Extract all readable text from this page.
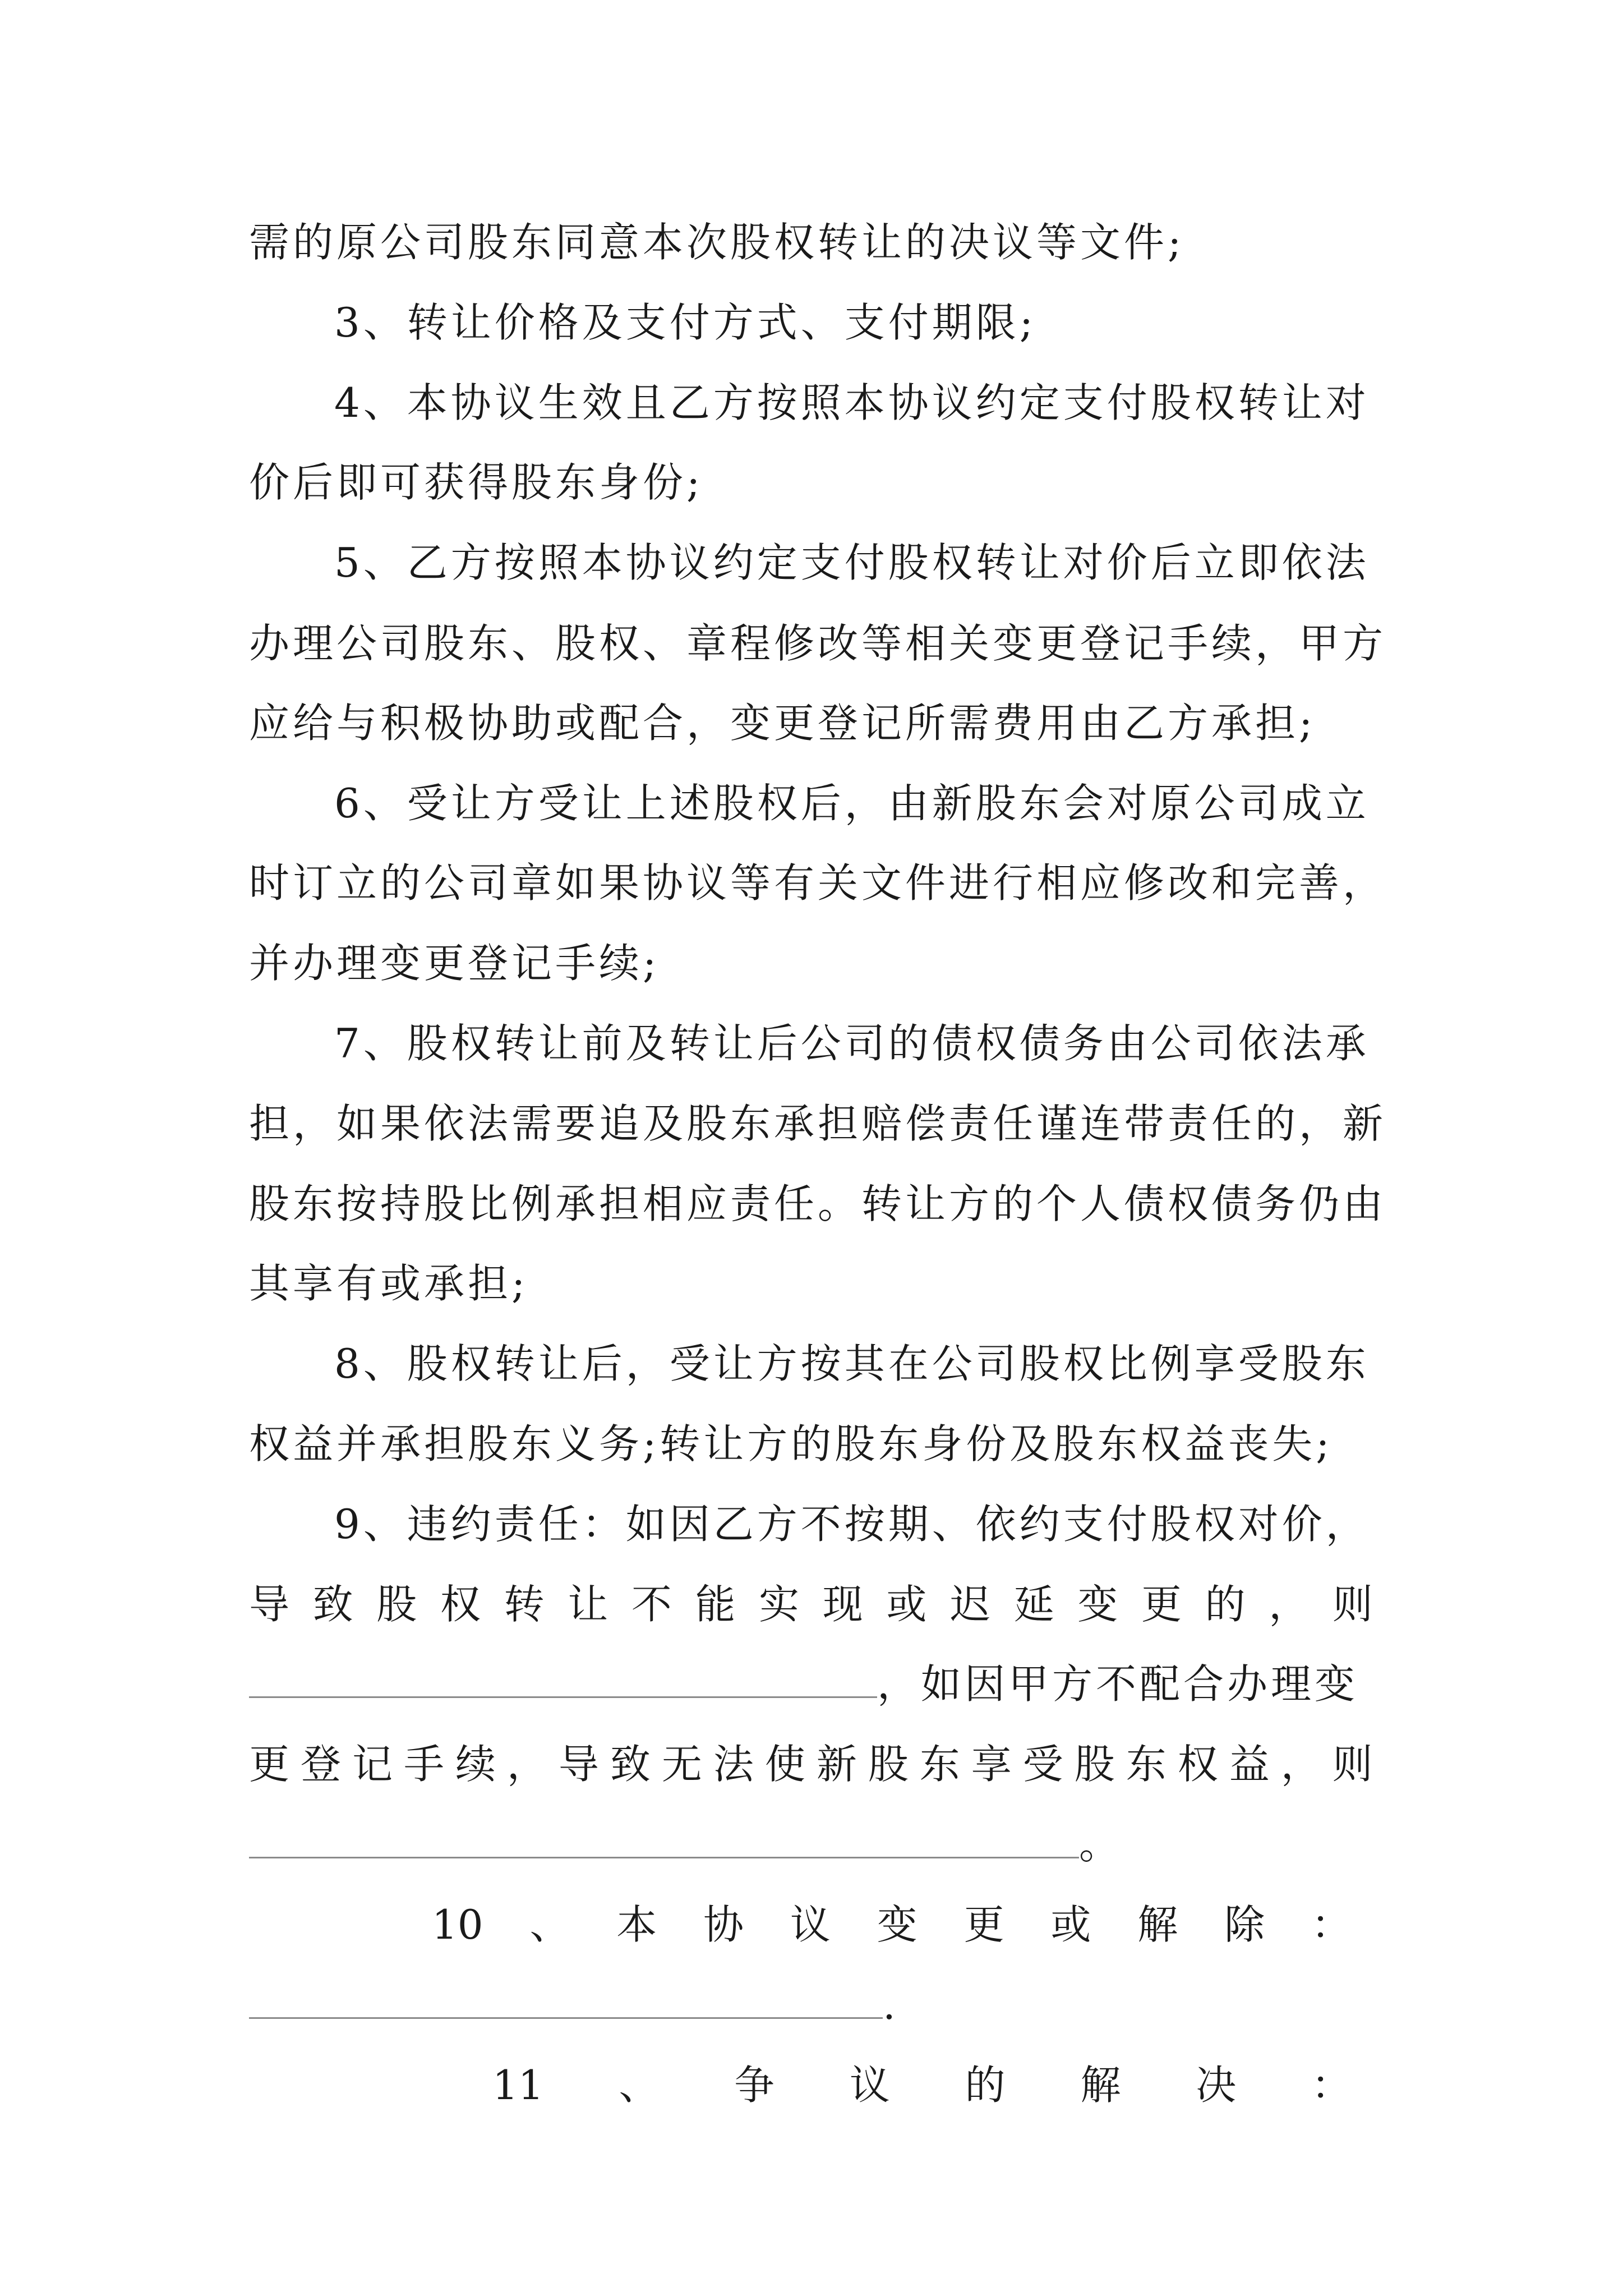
需的原公司股东同意本次股权转让的决议等文件;
3、转让价格及支付方式、支付期限;
4、本协议生效且乙方按照本协议约定支付股权转让对
价后即可获得股东身份;
5、乙方按照本协议约定支付股权转让对价后立即依法
办理公司股东、股权、章程修改等相关变更登记手续，甲方
应给与积极协助或配合，变更登记所需费用由乙方承担;
6、受让方受让上述股权后，由新股东会对原公司成立
时订立的公司章如果协议等有关文件进行相应修改和完善，
并办理变更登记手续;
7、股权转让前及转让后公司的债权债务由公司依法承
担，如果依法需要追及股东承担赔偿责任谨连带责任的，新
股东按持股比例承担相应责任。转让方的个人债权债务仍由
其享有或承担;
8、股权转让后，受让方按其在公司股权比例享受股东
权益并承担股东义务;转让方的股东身份及股东权益丧失;
9、违约责任：如因乙方不按期、依约支付股权对价，
导 致 股 权 转 让 不 能 实 现 或 迟 延 变 更 的 ， 则
，如因甲方不配合办理变
更 登 记 手 续 ， 导 致 无 法 使 新 股 东 享 受 股 东 权 益 ， 则
。
10 、 本 协 议 变 更 或 解 除 ：
.
11 、 争 议 的 解 决 ：
